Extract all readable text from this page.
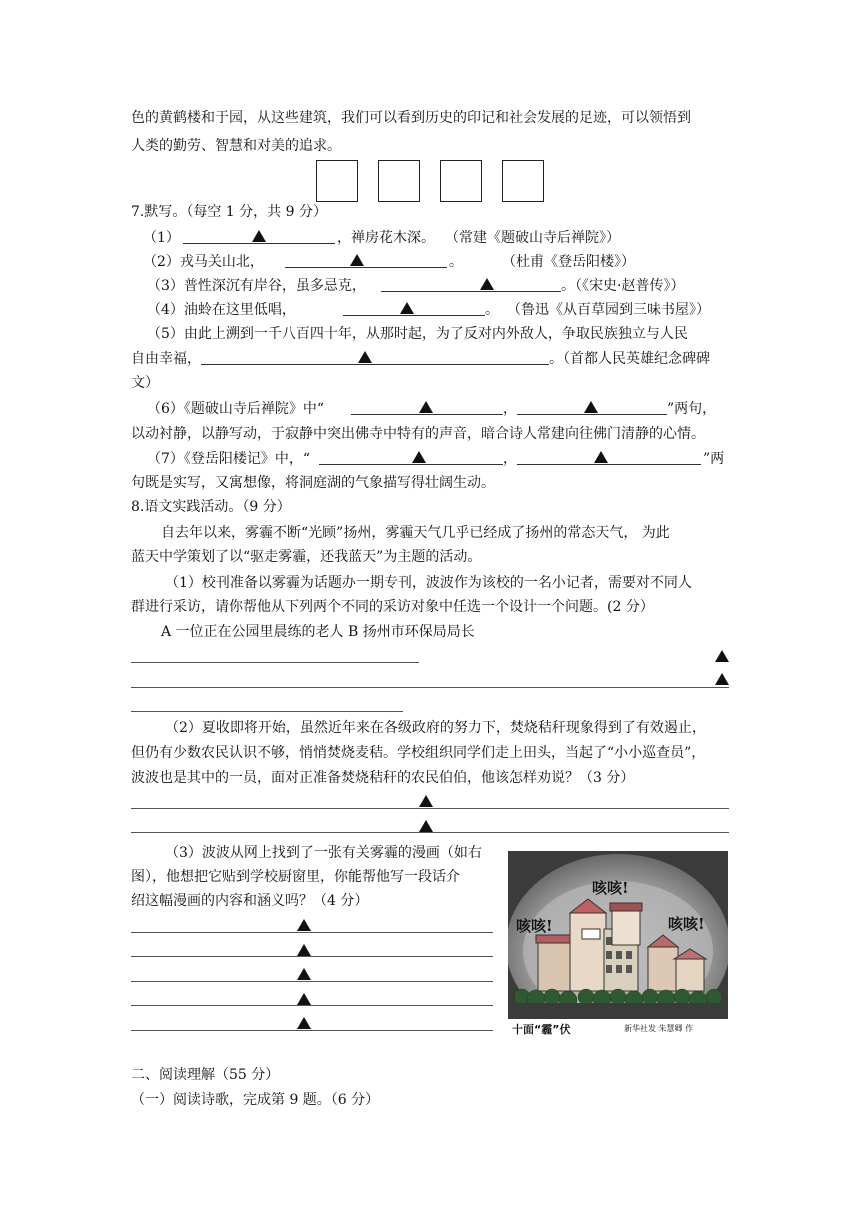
色的黄鹤楼和于园，从这些建筑，我们可以看到历史的印记和社会发展的足迹，可以领悟到
人类的勤劳、智慧和对美的追求。
7.默写。（每空 1 分，共 9 分）
（1）	，禅房花木深。 （常建《题破山寺后禅院》）
（2）戎马关山北，	。	（杜甫《登岳阳楼》）
（3）普性深沉有岸谷，虽多忌克，	。（《宋史·赵普传》）
（4）油蛉在这里低唱，	。 （鲁迅《从百草园到三味书屋》）
（5）由此上溯到一千八百四十年，从那时起，为了反对内外敌人，争取民族独立与人民
自由幸福，	。（首都人民英雄纪念碑碑
文）
（6）《题破山寺后禅院》中“	，	”两句，
以动衬静，以静写动，于寂静中突出佛寺中特有的声音，暗合诗人常建向往佛门清静的心情。
（7）《登岳阳楼记》中，“	，	”两
句既是实写，又寓想像，将洞庭湖的气象描写得壮阔生动。
8.语文实践活动。（9 分）
自去年以来，雾霾不断“光顾”扬州，雾霾天气几乎已经成了扬州的常态天气， 为此
蓝天中学策划了以“驱走雾霾，还我蓝天”为主题的活动。
（1）校刊准备以雾霾为话题办一期专刊，波波作为该校的一名小记者，需要对不同人
群进行采访，请你帮他从下列两个不同的采访对象中任选一个设计一个问题。(2 分）
A 一位正在公园里晨练的老人 B 扬州市环保局局长
（2）夏收即将开始，虽然近年来在各级政府的努力下，焚烧秸秆现象得到了有效遏止，
但仍有少数农民认识不够，悄悄焚烧麦秸。学校组织同学们走上田头，当起了“小小巡查员”，
波波也是其中的一员，面对正准备焚烧秸秆的农民伯伯，他该怎样劝说？（3 分）
（3）波波从网上找到了一张有关雾霾的漫画（如右
图），他想把它贴到学校厨窗里，你能帮他写一段话介
绍这幅漫画的内容和涵义吗？（4 分）
咳咳!
咳咳!	咳咳!
十面“霾”伏	新华社发 朱慧卿 作
二、阅读理解（55 分）
（一）阅读诗歌，完成第 9 题。（6 分）
